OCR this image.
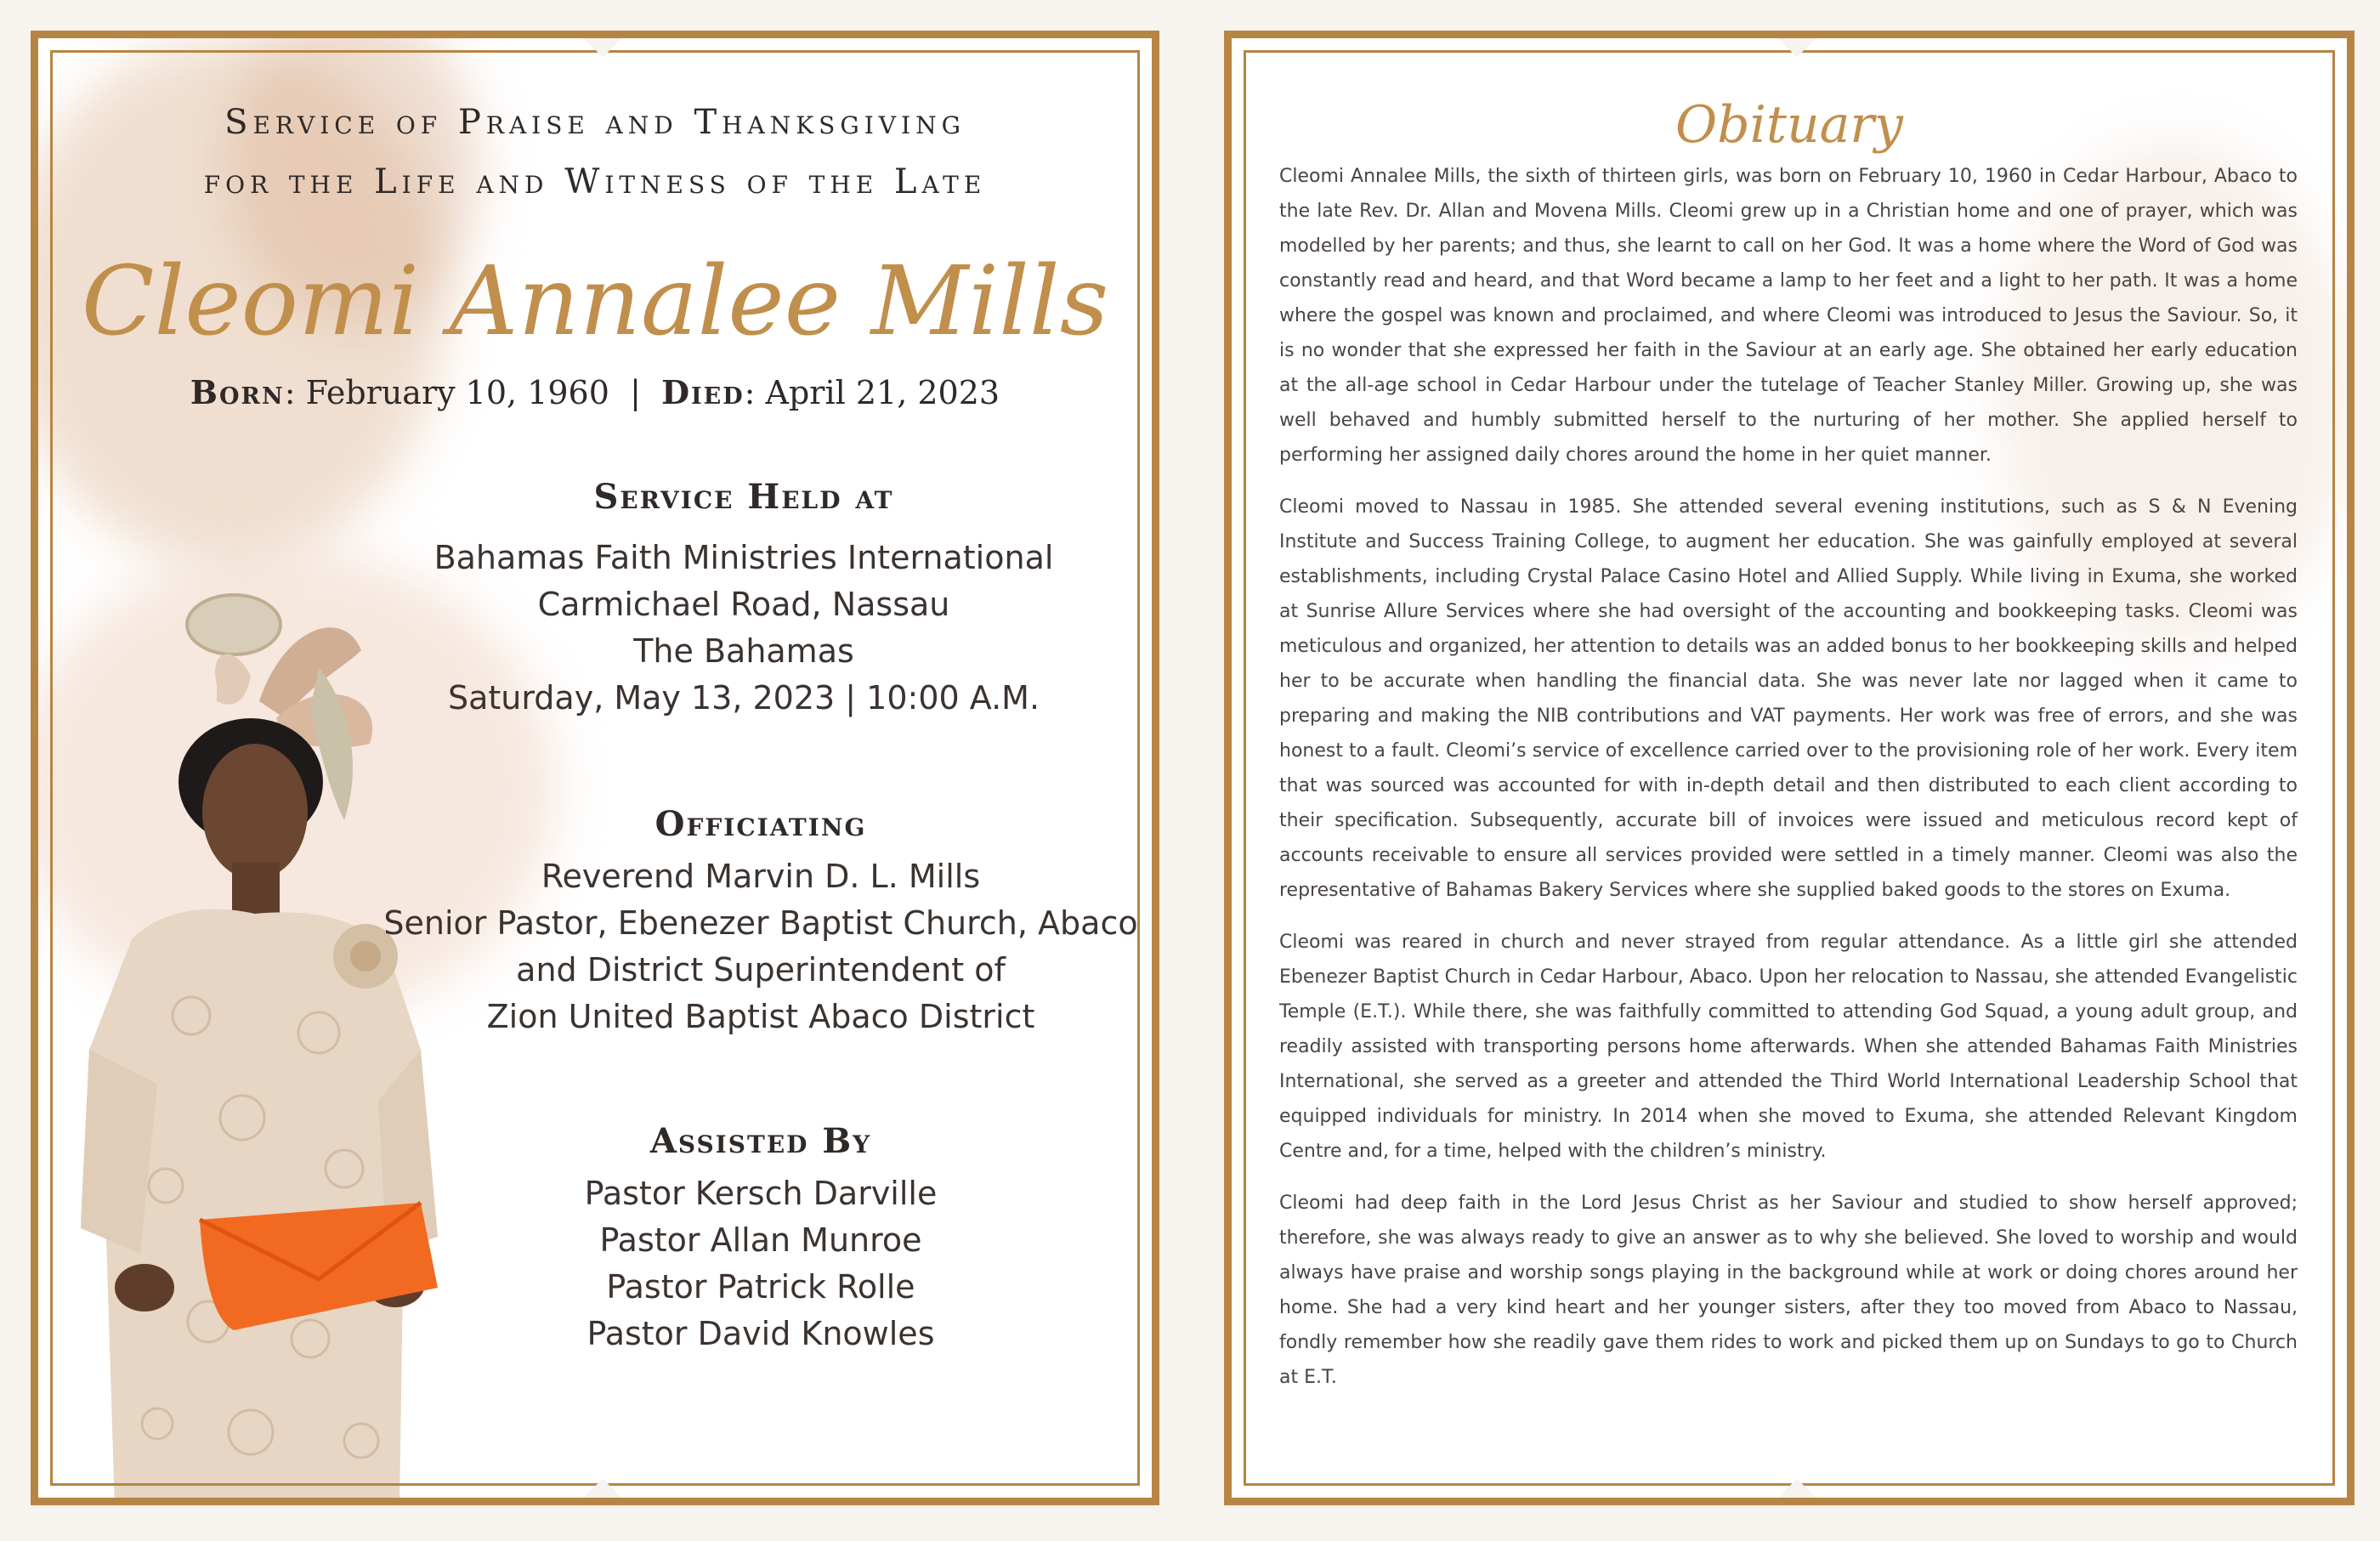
Service of Praise and Thanksgiving
for the Life and Witness of the Late
Cleomi Annalee Mills
Born: February 10, 1960 | Died: April 21, 2023
Service Held at

Bahamas Faith Ministries International

Carmichael Road, Nassau

The Bahamas

Saturday, May 13, 2023 | 10:00 A.M.

Officiating

Reverend Marvin D. L. Mills

Senior Pastor, Ebenezer Baptist Church, Abaco

and District Superintendent of

Zion United Baptist Abaco District

Assisted By

Pastor Kersch Darville

Pastor Allan Munroe

Pastor Patrick Rolle

Pastor David Knowles

Obituary

Cleomi Annalee Mills, the sixth of thirteen girls, was born on February 10, 1960 in Cedar Harbour, Abaco to the late Rev. Dr. Allan and Movena Mills. Cleomi grew up in a Christian home and one of prayer, which was modelled by her parents; and thus, she learnt to call on her God. It was a home where the Word of God was constantly read and heard, and that Word became a lamp to her feet and a light to her path. It was a home where the gospel was known and proclaimed, and where Cleomi was introduced to Jesus the Saviour. So, it is no wonder that she expressed her faith in the Saviour at an early age. She obtained her early education at the all-age school in Cedar Harbour under the tutelage of Teacher Stanley Miller. Growing up, she was well behaved and humbly submitted herself to the nurturing of her mother. She applied herself to performing her assigned daily chores around the home in her quiet manner.

Cleomi moved to Nassau in 1985. She attended several evening institutions, such as S & N Evening Institute and Success Training College, to augment her education. She was gainfully employed at several establishments, including Crystal Palace Casino Hotel and Allied Supply. While living in Exuma, she worked at Sunrise Allure Services where she had oversight of the accounting and bookkeeping tasks. Cleomi was meticulous and organized, her attention to details was an added bonus to her bookkeeping skills and helped her to be accurate when handling the financial data. She was never late nor lagged when it came to preparing and making the NIB contributions and VAT payments. Her work was free of errors, and she was honest to a fault. Cleomi’s service of excellence carried over to the provisioning role of her work. Every item that was sourced was accounted for with in-depth detail and then distributed to each client according to their specification. Subsequently, accurate bill of invoices were issued and meticulous record kept of accounts receivable to ensure all services provided were settled in a timely manner. Cleomi was also the representative of Bahamas Bakery Services where she supplied baked goods to the stores on Exuma.

Cleomi was reared in church and never strayed from regular attendance. As a little girl she attended Ebenezer Baptist Church in Cedar Harbour, Abaco. Upon her relocation to Nassau, she attended Evangelistic Temple (E.T.). While there, she was faithfully committed to attending God Squad, a young adult group, and readily assisted with transporting persons home afterwards. When she attended Bahamas Faith Ministries International, she served as a greeter and attended the Third World International Leadership School that equipped individuals for ministry. In 2014 when she moved to Exuma, she attended Relevant Kingdom Centre and, for a time, helped with the children’s ministry.

Cleomi had deep faith in the Lord Jesus Christ as her Saviour and studied to show herself approved; therefore, she was always ready to give an answer as to why she believed. She loved to worship and would always have praise and worship songs playing in the background while at work or doing chores around her home. She had a very kind heart and her younger sisters, after they too moved from Abaco to Nassau, fondly remember how she readily gave them rides to work and picked them up on Sundays to go to Church at E.T.
